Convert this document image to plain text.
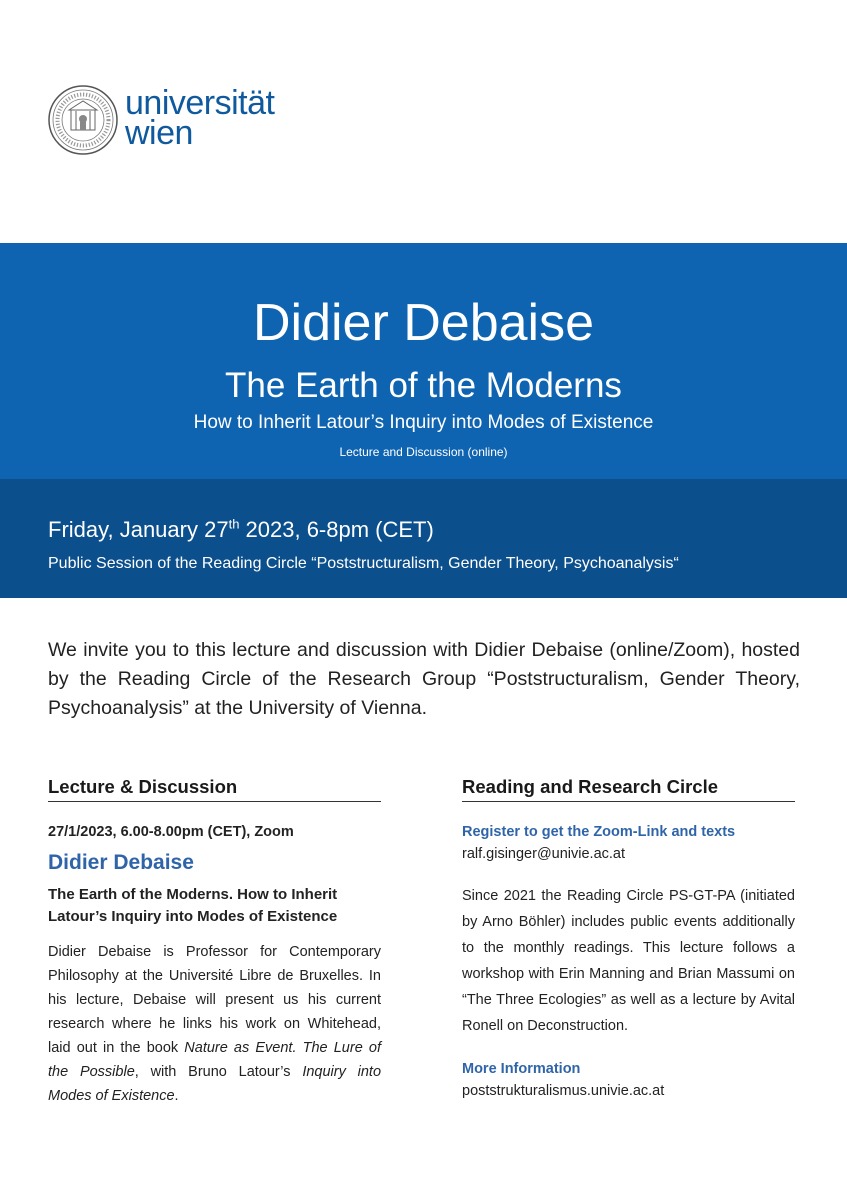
universität
wien
Didier Debaise
The Earth of the Moderns
How to Inherit Latour’s Inquiry into Modes of Existence
Lecture and Discussion (online)
Friday, January 27th 2023, 6-8pm (CET)
Public Session of the Reading Circle “Poststructuralism, Gender Theory, Psychoanalysis“
We invite you to this lecture and discussion with Didier Debaise (online/Zoom), hosted by the Reading Circle of the Research Group “Poststructuralism, Gender Theory, Psychoanalysis” at the University of Vienna.
Lecture & Discussion
27/1/2023, 6.00-8.00pm (CET), Zoom
Didier Debaise
The Earth of the Moderns. How to Inherit Latour’s Inquiry into Modes of Existence
Didier Debaise is Professor for Contemporary Philosophy at the Université Libre de Bruxelles. In his lecture, Debaise will present us his current research where he links his work on Whitehead, laid out in the book Nature as Event. The Lure of the Possible, with Bruno Latour’s Inquiry into Modes of Existence.
Reading and Research Circle
Register to get the Zoom-Link and texts
ralf.gisinger@univie.ac.at
Since 2021 the Reading Circle PS-GT-PA (initiated by Arno Böhler) includes public events additionally to the monthly readings. This lecture follows a workshop with Erin Manning and Brian Massumi on “The Three Ecologies” as well as a lecture by Avital Ronell on Deconstruction.
More Information
poststrukturalismus.univie.ac.at
